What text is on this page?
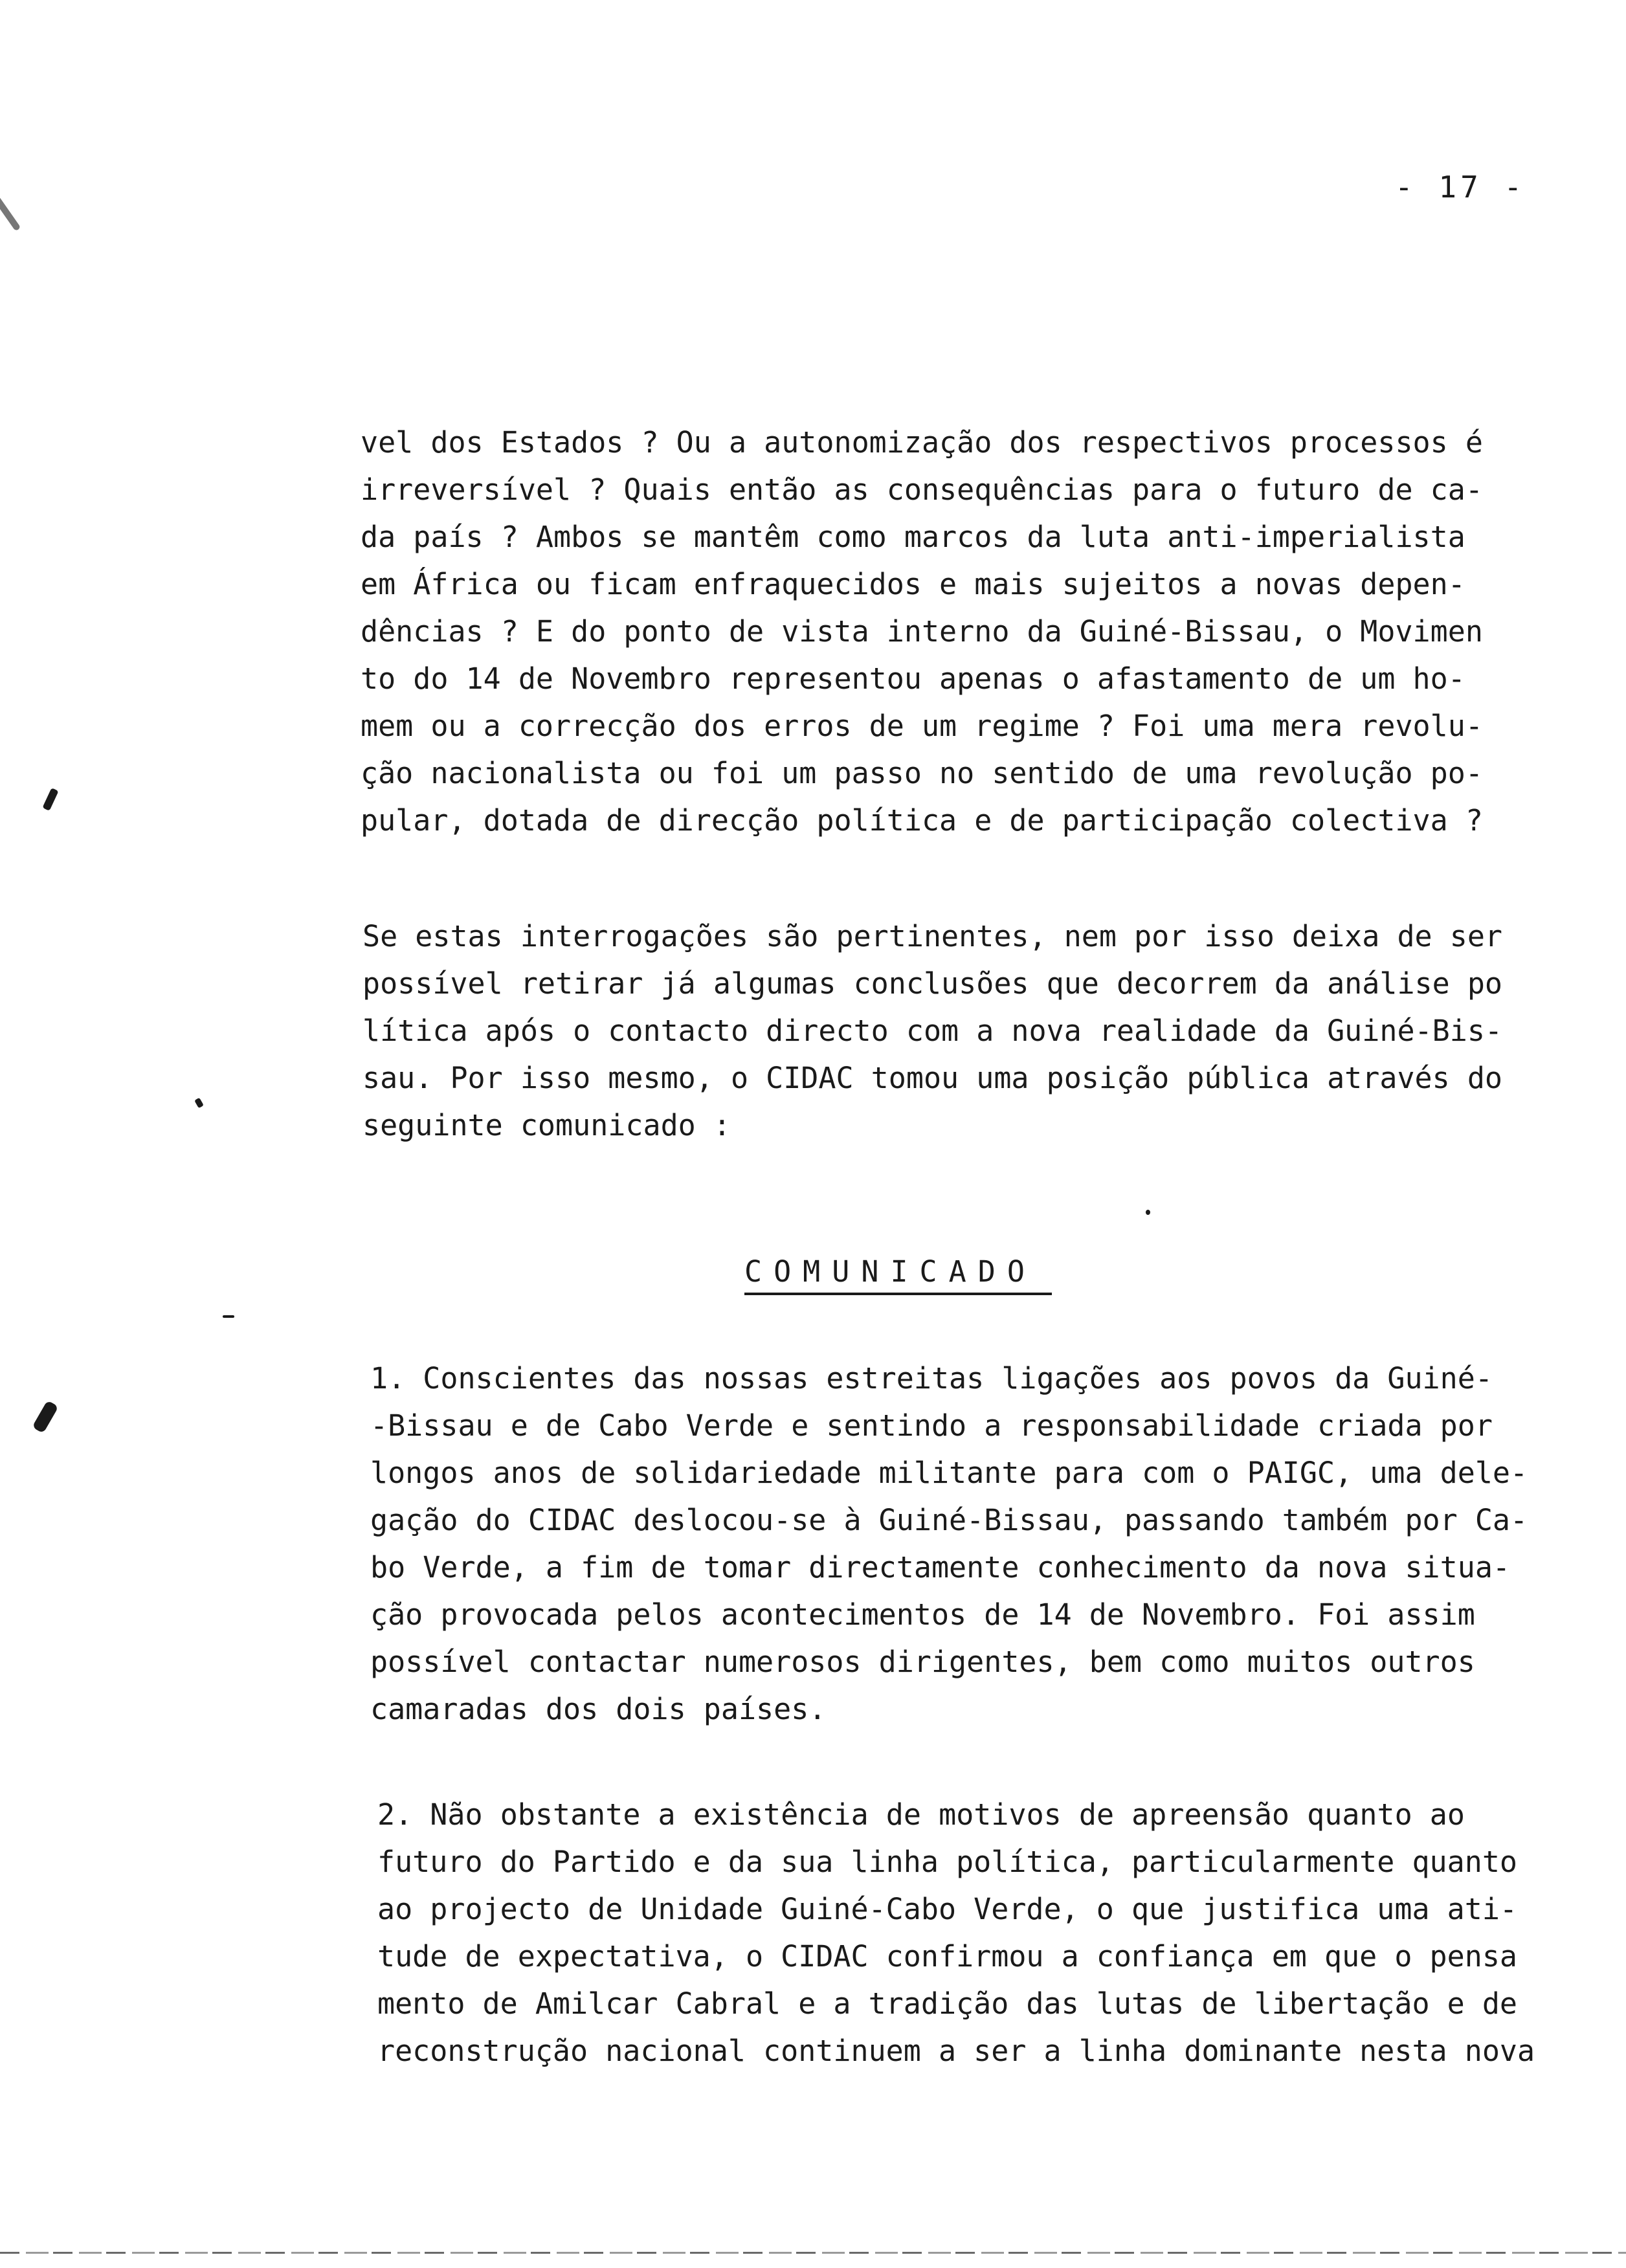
- 17 -
vel dos Estados ? Ou a autonomização dos respectivos processos é
irreversível ? Quais então as consequências para o futuro de ca-
da país ? Ambos se mantêm como marcos da luta anti-imperialista
em África ou ficam enfraquecidos e mais sujeitos a novas depen-
dências ? E do ponto de vista interno da Guiné-Bissau, o Movimen
to do 14 de Novembro representou apenas o afastamento de um ho-
mem ou a correcção dos erros de um regime ? Foi uma mera revolu-
ção nacionalista ou foi um passo no sentido de uma revolução po-
pular, dotada de direcção política e de participação colectiva ?
Se estas interrogações são pertinentes, nem por isso deixa de ser
possível retirar já algumas conclusões que decorrem da análise po
lítica após o contacto directo com a nova realidade da Guiné-Bis-
sau. Por isso mesmo, o CIDAC tomou uma posição pública através do
seguinte comunicado :
COMUNICADO
1. Conscientes das nossas estreitas ligações aos povos da Guiné-
-Bissau e de Cabo Verde e sentindo a responsabilidade criada por
longos anos de solidariedade militante para com o PAIGC, uma dele-
gação do CIDAC deslocou-se à Guiné-Bissau, passando também por Ca-
bo Verde, a fim de tomar directamente conhecimento da nova situa-
ção provocada pelos acontecimentos de 14 de Novembro. Foi assim
possível contactar numerosos dirigentes, bem como muitos outros
camaradas dos dois países.
2. Não obstante a existência de motivos de apreensão quanto ao
futuro do Partido e da sua linha política, particularmente quanto
ao projecto de Unidade Guiné-Cabo Verde, o que justifica uma ati-
tude de expectativa, o CIDAC confirmou a confiança em que o pensa
mento de Amilcar Cabral e a tradição das lutas de libertação e de
reconstrução nacional continuem a ser a linha dominante nesta nova
